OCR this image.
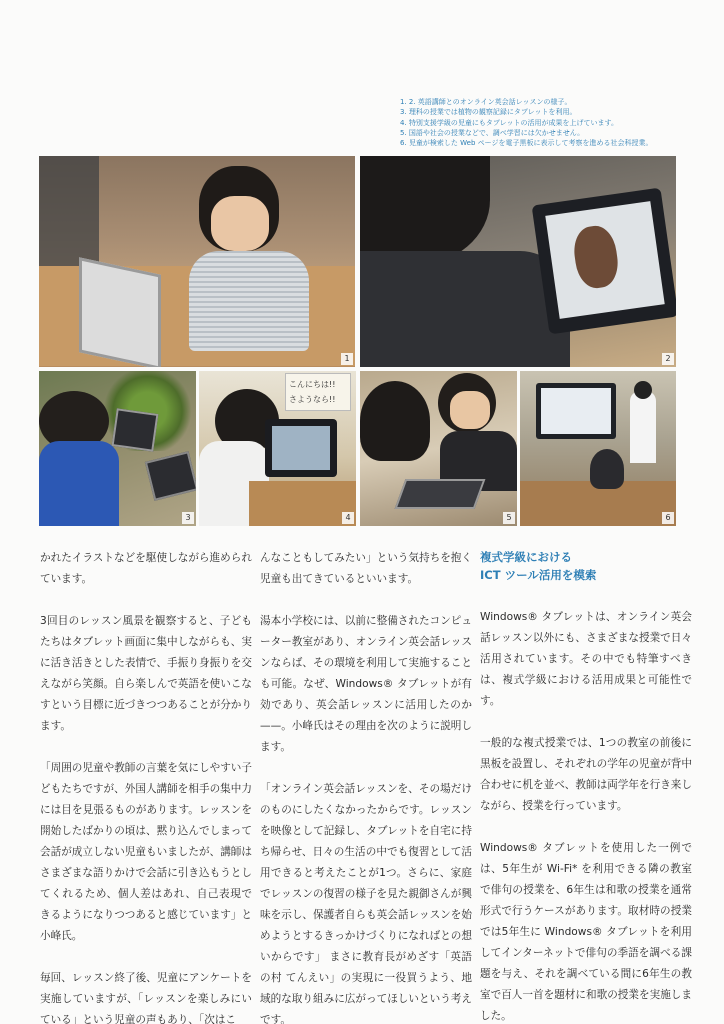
1. 2. 英語講師とのオンライン英会話レッスンの様子。
3. 理科の授業では植物の観察記録にタブレットを利用。
4. 特別支援学級の児童にもタブレットの活用が成果を上げています。
5. 国語や社会の授業などで、調べ学習には欠かせません。
6. 児童が検索した Web ページを電子黒板に表示して考察を進める社会科授業。
1	2
3
こんにちは!!
さようなら!!
4	5	6

かれたイラストなどを駆使しながら進められています。

3回目のレッスン風景を観察すると、子どもたちはタブレット画面に集中しながらも、実に活き活きとした表情で、手振り身振りを交えながら笑顔。自ら楽しんで英語を使いこなすという目標に近づきつつあることが分かります。

「周囲の児童や教師の言葉を気にしやすい子どもたちですが、外国人講師を相手の集中力には目を見張るものがあります。レッスンを開始したばかりの頃は、黙り込んでしまって会話が成立しない児童もいましたが、講師はさまざまな語りかけで会話に引き込もうとしてくれるため、個人差はあれ、自己表現できるようになりつつあると感じています」と小峰氏。

毎回、レッスン終了後、児童にアンケートを実施していますが、「レッスンを楽しみにいている」という児童の声もあり、「次はこ

んなこともしてみたい」という気持ちを抱く児童も出てきているといいます。

湯本小学校には、以前に整備されたコンピューター教室があり、オンライン英会話レッスンならば、その環境を利用して実施することも可能。なぜ、Windows® タブレットが有効であり、英会話レッスンに活用したのか——。小峰氏はその理由を次のように説明します。

「オンライン英会話レッスンを、その場だけのものにしたくなかったからです。レッスンを映像として記録し、タブレットを自宅に持ち帰らせ、日々の生活の中でも復習として活用できると考えたことが1つ。さらに、家庭でレッスンの復習の様子を見た親御さんが興味を示し、保護者自らも英会話レッスンを始めようとするきっかけづくりになればとの想いからです」 まさに教育長がめざす「英語の村 てんえい」の実現に一役買うよう、地域的な取り組みに広がってほしいという考えです。

複式学級における
ICT ツール活用を模索

Windows® タブレットは、オンライン英会話レッスン以外にも、さまざまな授業で日々活用されています。その中でも特筆すべきは、複式学級における活用成果と可能性です。

一般的な複式授業では、1つの教室の前後に黒板を設置し、それぞれの学年の児童が背中合わせに机を並べ、教師は両学年を行き来しながら、授業を行っています。

Windows® タブレットを使用した一例では、5年生が Wi-Fi* を利用できる隣の教室で俳句の授業を、6年生は和歌の授業を通常形式で行うケースがあります。取材時の授業では5年生に Windows® タブレットを利用してインターネットで俳句の季語を調べる課題を与え、それを調べている間に6年生の教室で百人一首を題材に和歌の授業を実施しました。
